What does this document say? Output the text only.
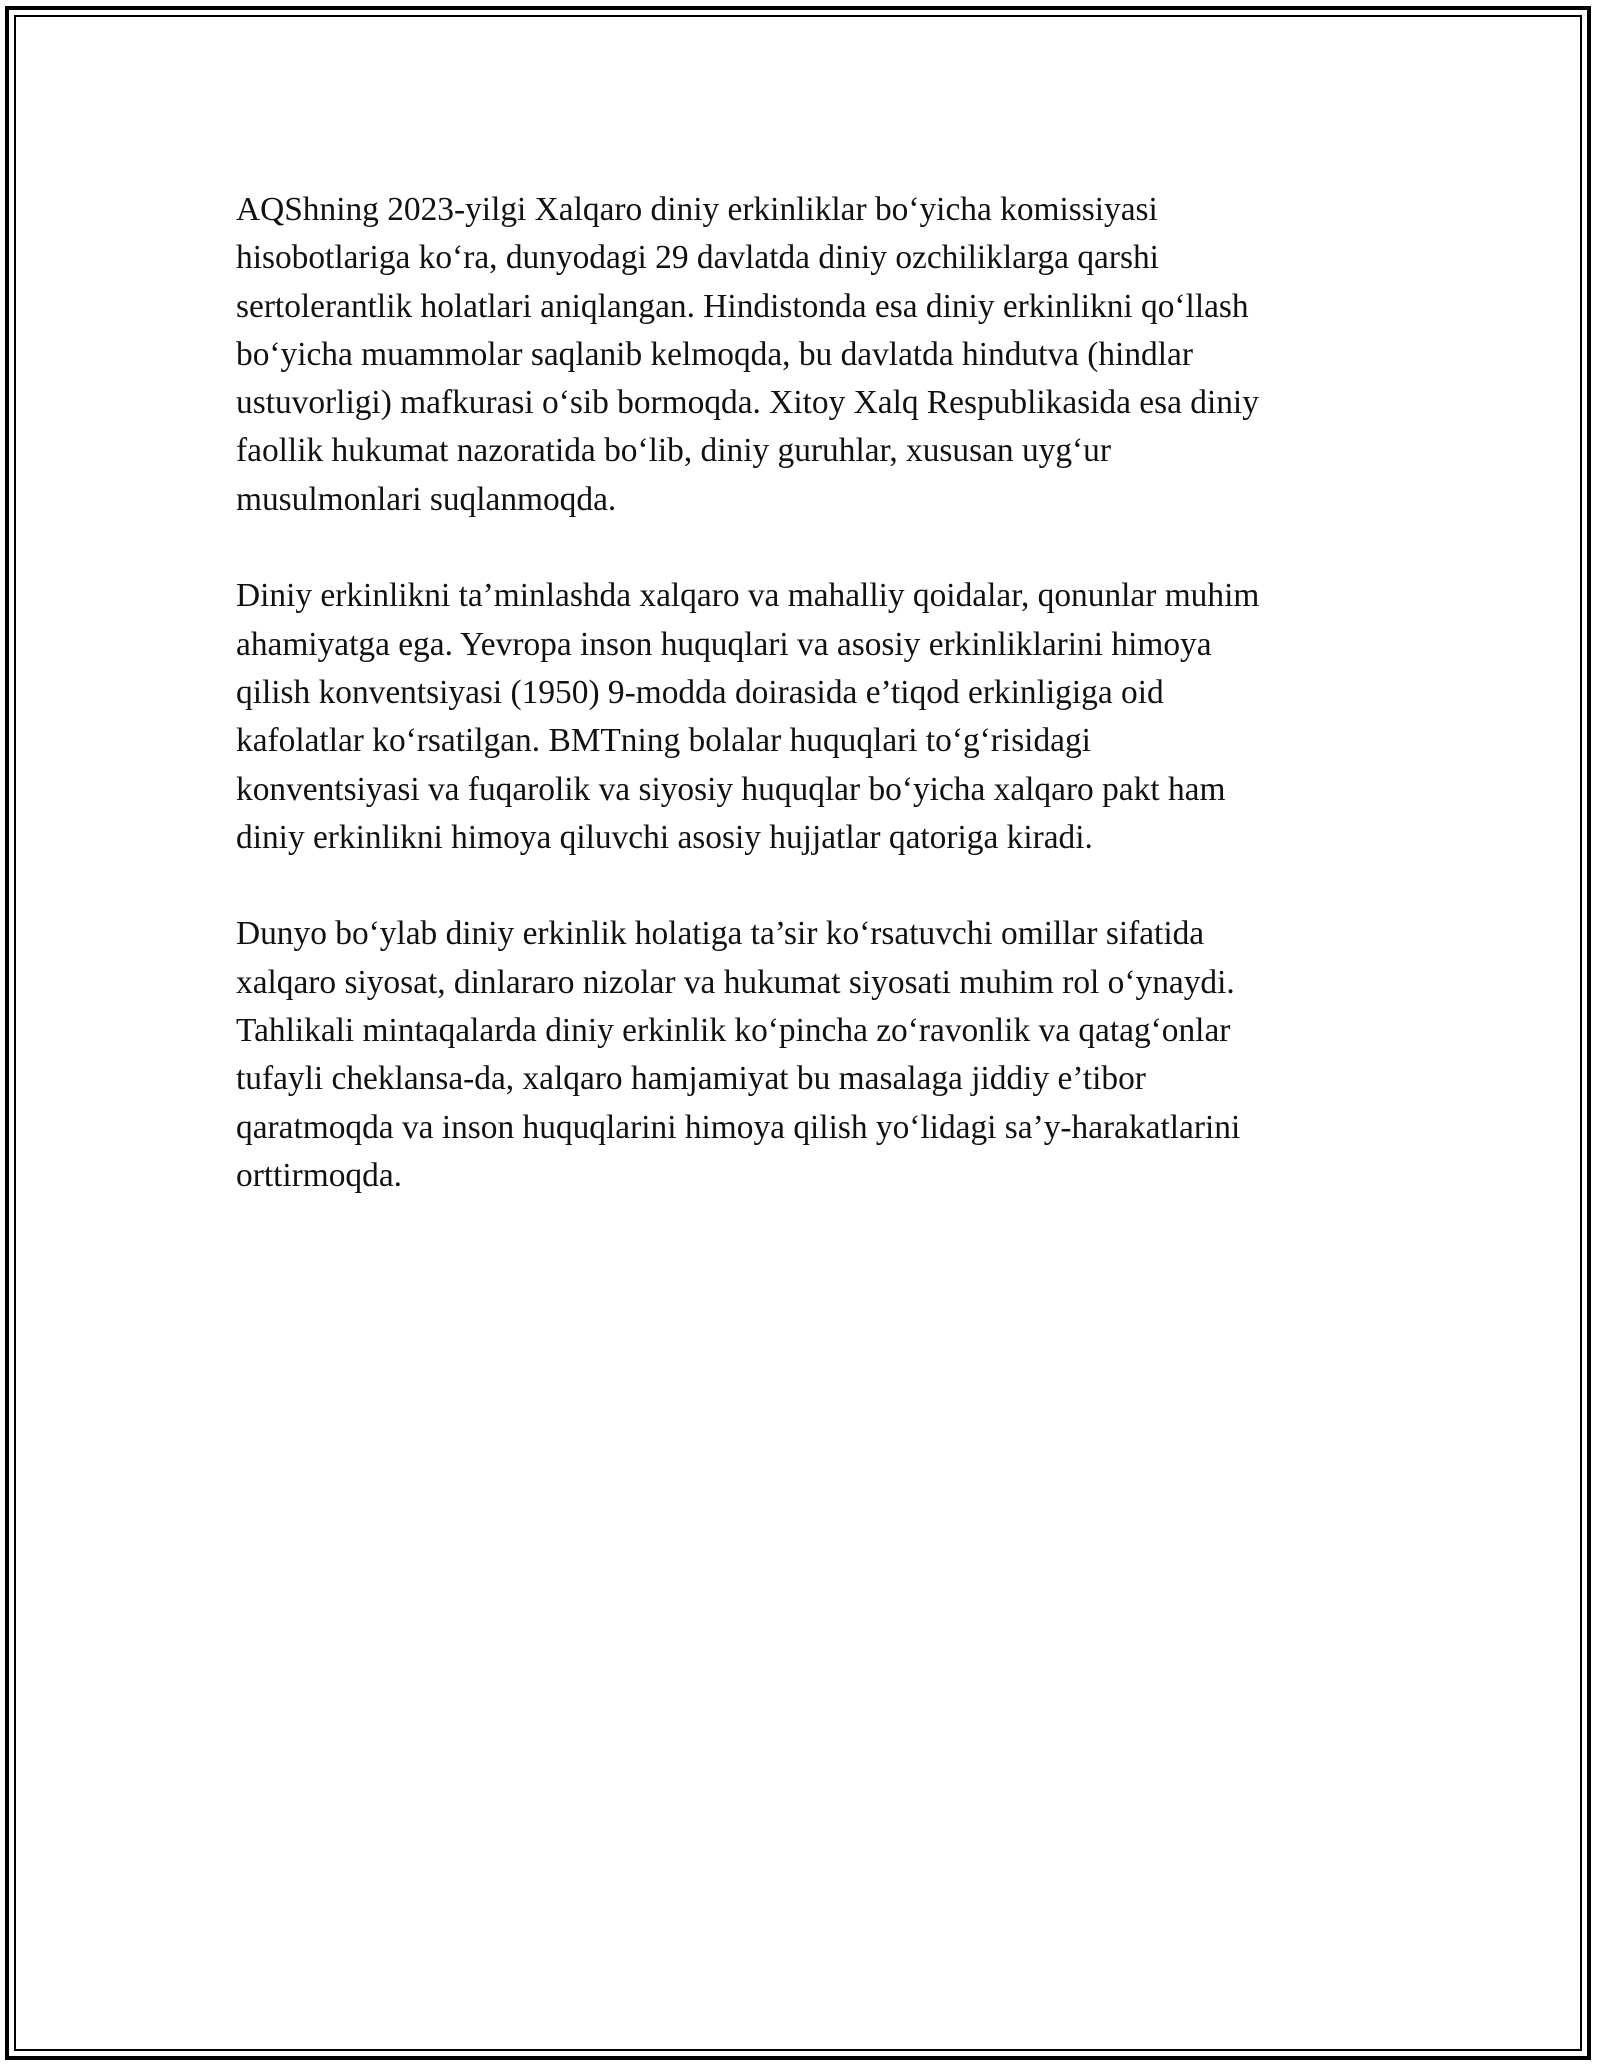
AQShning 2023-yilgi Xalqaro diniy erkinliklar bo‘yicha komissiyasi
hisobotlariga ko‘ra, dunyodagi 29 davlatda diniy ozchiliklarga qarshi
sertolerantlik holatlari aniqlangan. Hindistonda esa diniy erkinlikni qo‘llash
bo‘yicha muammolar saqlanib kelmoqda, bu davlatda hindutva (hindlar
ustuvorligi) mafkurasi o‘sib bormoqda. Xitoy Xalq Respublikasida esa diniy
faollik hukumat nazoratida bo‘lib, diniy guruhlar, xususan uyg‘ur
musulmonlari suqlanmoqda.

Diniy erkinlikni ta’minlashda xalqaro va mahalliy qoidalar, qonunlar muhim
ahamiyatga ega. Yevropa inson huquqlari va asosiy erkinliklarini himoya
qilish konventsiyasi (1950) 9-modda doirasida e’tiqod erkinligiga oid
kafolatlar ko‘rsatilgan. BMTning bolalar huquqlari to‘g‘risidagi
konventsiyasi va fuqarolik va siyosiy huquqlar bo‘yicha xalqaro pakt ham
diniy erkinlikni himoya qiluvchi asosiy hujjatlar qatoriga kiradi.

Dunyo bo‘ylab diniy erkinlik holatiga ta’sir ko‘rsatuvchi omillar sifatida
xalqaro siyosat, dinlararo nizolar va hukumat siyosati muhim rol o‘ynaydi.
Tahlikali mintaqalarda diniy erkinlik ko‘pincha zo‘ravonlik va qatag‘onlar
tufayli cheklansa-da, xalqaro hamjamiyat bu masalaga jiddiy e’tibor
qaratmoqda va inson huquqlarini himoya qilish yo‘lidagi sa’y-harakatlarini
orttirmoqda.
